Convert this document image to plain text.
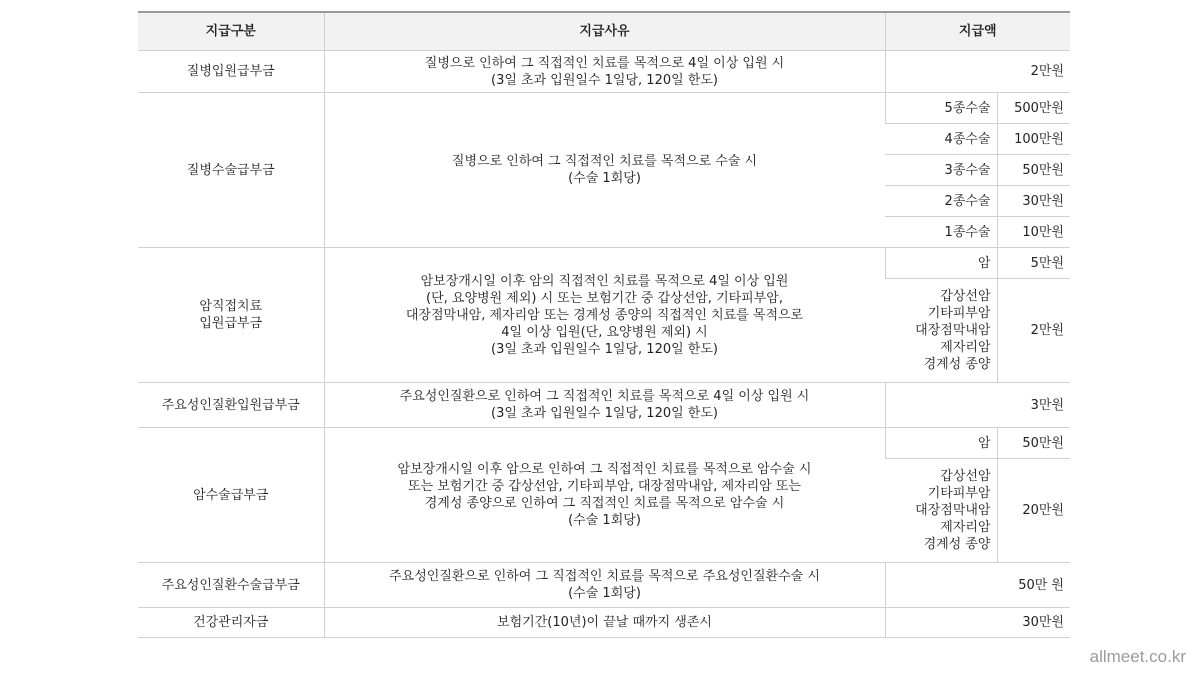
지급구분	지급사유	지급액	
질병입원급부금	질병으로 인하여 그 직접적인 치료를 목적으로 4일 이상 입원 시
(3일 초과 입원일수 1일당, 120일 한도)	2만원	
질병수술급부금	질병으로 인하여 그 직접적인 치료를 목적으로 수술 시
(수술 1회당)	5종수술	500만원
		4종수술	100만원
		3종수술	50만원
		2종수술	30만원
		1종수술	10만원

암직접치료
입원급부금	암보장개시일 이후 암의 직접적인 치료를 목적으로 4일 이상 입원
(단, 요양병원 제외) 시 또는 보험기간 중 갑상선암, 기타피부암,
대장점막내암, 제자리암 또는 경계성 종양의 직접적인 치료를 목적으로
4일 이상 입원(단, 요양병원 제외) 시
(3일 초과 입원일수 1일당, 120일 한도)	암	5만원

		갑상선암
기타피부암
대장점막내암
제자리암
경계성 종양	2만원
주요성인질환입원급부금	주요성인질환으로 인하여 그 직접적인 치료를 목적으로 4일 이상 입원 시
(3일 초과 입원일수 1일당, 120일 한도)	3만원	
암수술급부금	암보장개시일 이후 암으로 인하여 그 직접적인 치료를 목적으로 암수술 시
또는 보험기간 중 갑상선암, 기타피부암, 대장점막내암, 제자리암 또는
경계성 종양으로 인하여 그 직접적인 치료를 목적으로 암수술 시
(수술 1회당)	암	50만원

		갑상선암
기타피부암
대장점막내암
제자리암
경계성 종양	20만원
주요성인질환수술급부금	주요성인질환으로 인하여 그 직접적인 치료를 목적으로 주요성인질환수술 시
(수술 1회당)	50만 원	
건강관리자금	보험기간(10년)이 끝날 때까지 생존시	30만원	
allmeet.co.kr
